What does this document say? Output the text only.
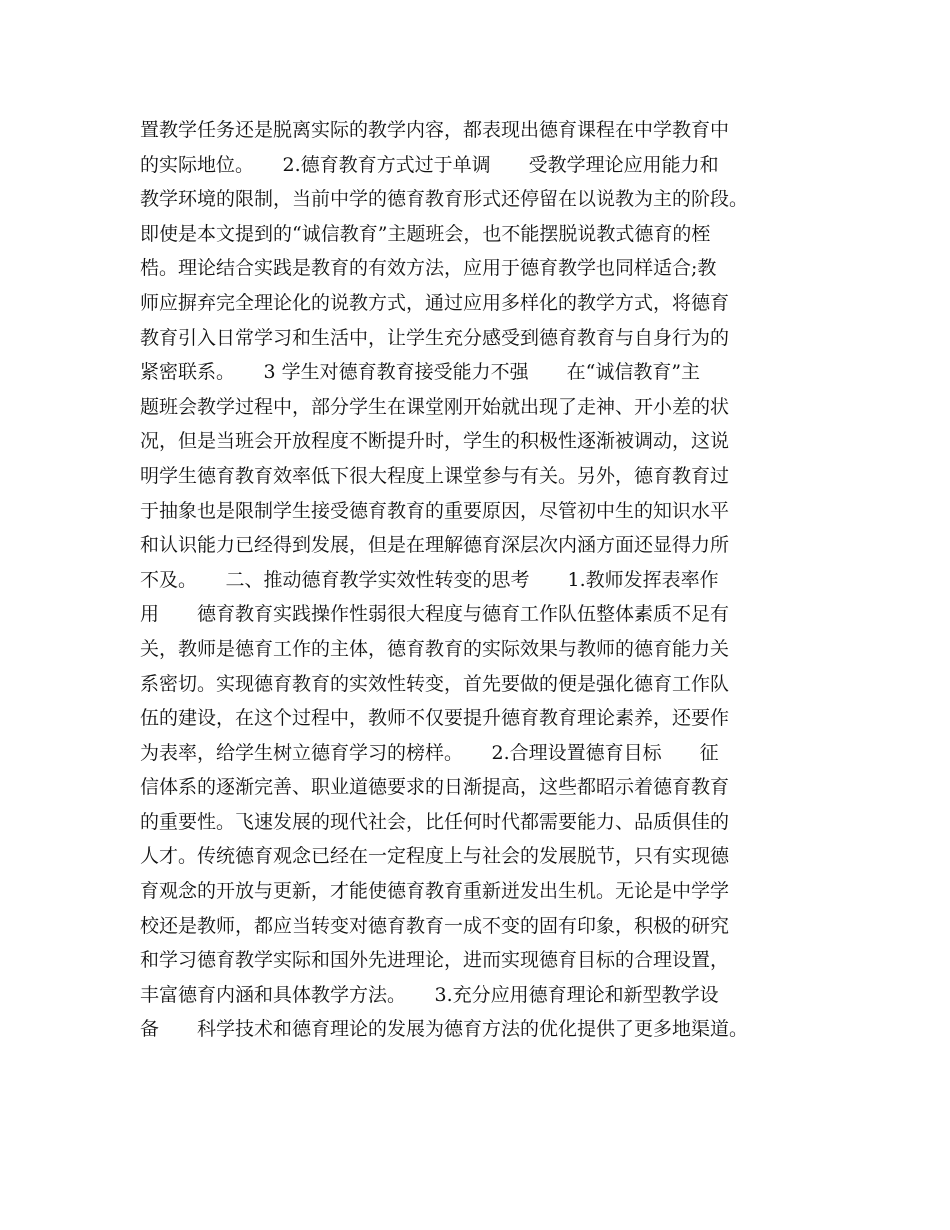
置教学任务还是脱离实际的教学内容，都表现出德育课程在中学教育中
的实际地位。　　2.德育教育方式过于单调　　受教学理论应用能力和
教学环境的限制，当前中学的德育教育形式还停留在以说教为主的阶段。
即使是本文提到的“诚信教育”主题班会，也不能摆脱说教式德育的桎
梏。理论结合实践是教育的有效方法，应用于德育教学也同样适合;教
师应摒弃完全理论化的说教方式，通过应用多样化的教学方式，将德育
教育引入日常学习和生活中，让学生充分感受到德育教育与自身行为的
紧密联系。　　3 学生对德育教育接受能力不强　　在“诚信教育”主
题班会教学过程中，部分学生在课堂刚开始就出现了走神、开小差的状
况，但是当班会开放程度不断提升时，学生的积极性逐渐被调动，这说
明学生德育教育效率低下很大程度上课堂参与有关。另外，德育教育过
于抽象也是限制学生接受德育教育的重要原因，尽管初中生的知识水平
和认识能力已经得到发展，但是在理解德育深层次内涵方面还显得力所
不及。　　二、推动德育教学实效性转变的思考　　1.教师发挥表率作
用　　德育教育实践操作性弱很大程度与德育工作队伍整体素质不足有
关，教师是德育工作的主体，德育教育的实际效果与教师的德育能力关
系密切。实现德育教育的实效性转变，首先要做的便是强化德育工作队
伍的建设，在这个过程中，教师不仅要提升德育教育理论素养，还要作
为表率，给学生树立德育学习的榜样。　　2.合理设置德育目标　　征
信体系的逐渐完善、职业道德要求的日渐提高，这些都昭示着德育教育
的重要性。飞速发展的现代社会，比任何时代都需要能力、品质俱佳的
人才。传统德育观念已经在一定程度上与社会的发展脱节，只有实现德
育观念的开放与更新，才能使德育教育重新迸发出生机。无论是中学学
校还是教师，都应当转变对德育教育一成不变的固有印象，积极的研究
和学习德育教学实际和国外先进理论，进而实现德育目标的合理设置，
丰富德育内涵和具体教学方法。　　3.充分应用德育理论和新型教学设
备　　科学技术和德育理论的发展为德育方法的优化提供了更多地渠道。
